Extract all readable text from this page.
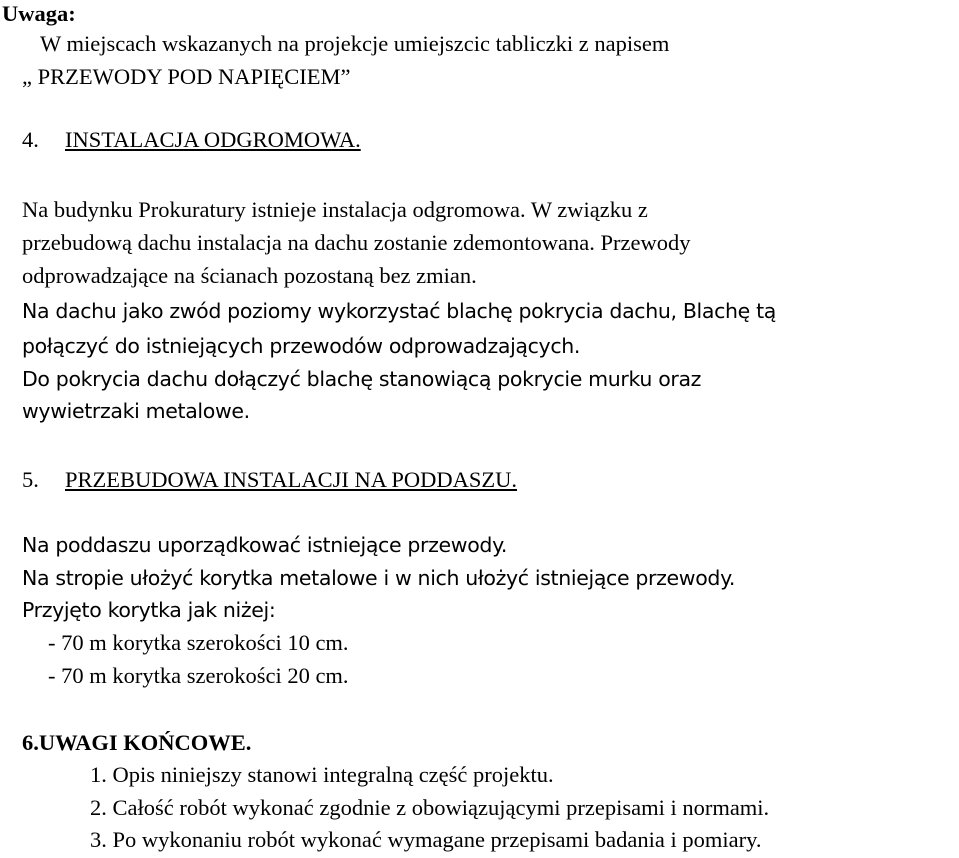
Uwaga:
W miejscach wskazanych na projekcje umiejszcic tabliczki z napisem
„ PRZEWODY POD NAPIĘCIEM”
4. INSTALACJA ODGROMOWA.
Na budynku Prokuratury istnieje instalacja odgromowa. W związku z
przebudową dachu instalacja na dachu zostanie zdemontowana. Przewody
odprowadzające na ścianach pozostaną bez zmian.
Na dachu jako zwód poziomy wykorzystać blachę pokrycia dachu, Blachę tą
połączyć do istniejących przewodów odprowadzających.
Do pokrycia dachu dołączyć blachę stanowiącą pokrycie murku oraz
wywietrzaki metalowe.
5. PRZEBUDOWA INSTALACJI NA PODDASZU.
Na poddaszu uporządkować istniejące przewody.
Na stropie ułożyć korytka metalowe i w nich ułożyć istniejące przewody.
Przyjęto korytka jak niżej:
- 70 m korytka szerokości 10 cm.
- 70 m korytka szerokości 20 cm.
6.UWAGI KOŃCOWE.
1. Opis niniejszy stanowi integralną część projektu.
2. Całość robót wykonać zgodnie z obowiązującymi przepisami i normami.
3. Po wykonaniu robót wykonać wymagane przepisami badania i pomiary.
